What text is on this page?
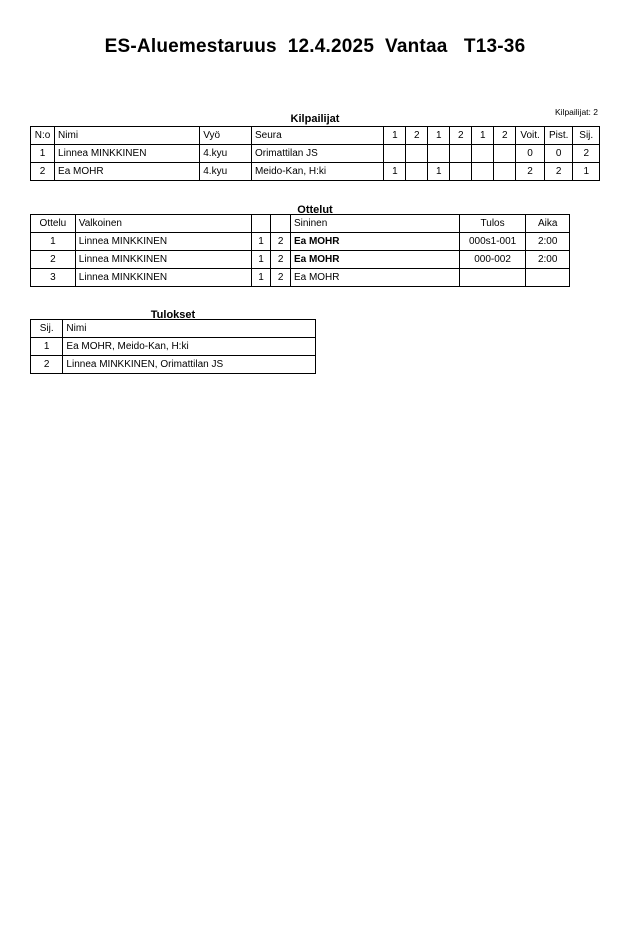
ES-Aluemestaruus  12.4.2025  Vantaa   T13-36
Kilpailijat
Kilpailijat: 2
N:o	Nimi	Vyö	Seura	1	2	1	2	1	2	Voit.	Pist.	Sij.
1	Linnea MINKKINEN	4.kyu	Orimattilan JS							0	0	2
2	Ea MOHR	4.kyu	Meido-Kan, H:ki	1		1				2	2	1
Ottelut
Ottelu	Valkoinen			Sininen	Tulos	Aika
1	Linnea MINKKINEN	1	2	Ea MOHR	000s1-001	2:00
2	Linnea MINKKINEN	1	2	Ea MOHR	000-002	2:00
3	Linnea MINKKINEN	1	2	Ea MOHR		
Tulokset
Sij.	Nimi
1	Ea MOHR, Meido-Kan, H:ki
2	Linnea MINKKINEN, Orimattilan JS
